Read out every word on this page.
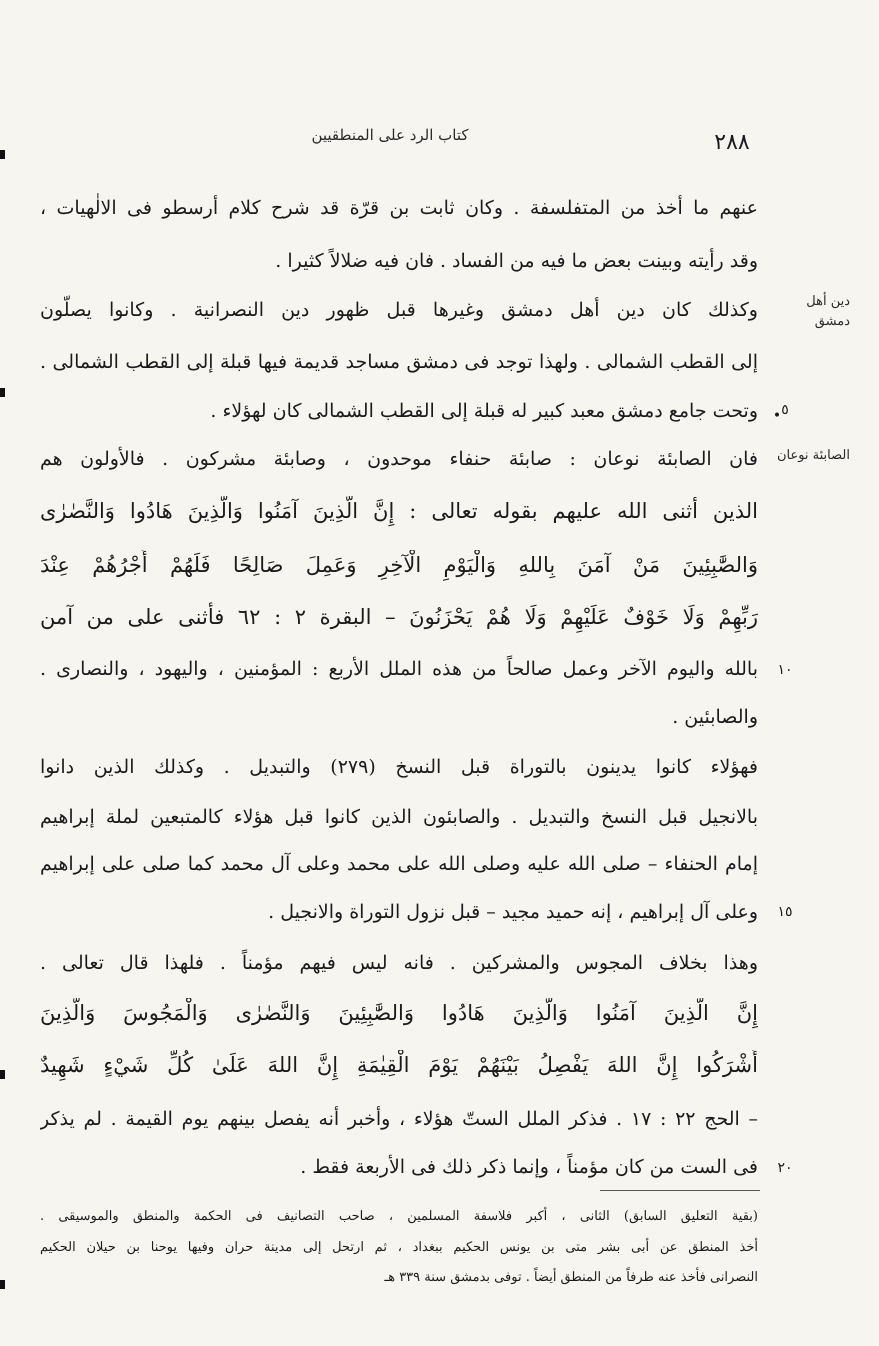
كتاب الرد على المنطقيين	٢٨٨
دين أهل دمشق
الصابئة نوعان
٥
١٠
١٥
٢٠
عنهم ما أخذ من المتفلسفة . وكان ثابت بن قرّة قد شرح كلام أرسطو فى الالٰهيات ،
وقد رأيته وبينت بعض ما فيه من الفساد . فان فيه ضلالاً كثيرا .
وكذلك كان دين أهل دمشق وغيرها قبل ظهور دين النصرانية . وكانوا يصلّون
إلى القطب الشمالى . ولهذا توجد فى دمشق مساجد قديمة فيها قبلة إلى القطب الشمالى .
وتحت جامع دمشق معبد كبير له قبلة إلى القطب الشمالى كان لهؤلاء .
فان الصابئة نوعان : صابئة حنفاء موحدون ، وصابئة مشركون . فالأولون هم
الذين أثنى الله عليهم بقوله تعالى : إِنَّ الَّذِينَ آمَنُوا وَالَّذِينَ هَادُوا وَالنَّصٰرٰى
وَالصَّٰبِئِينَ مَنْ آمَنَ بِاللهِ وَالْيَوْمِ الْآخِرِ وَعَمِلَ صَالِحًا فَلَهُمْ أَجْرُهُمْ عِنْدَ
رَبِّهِمْ وَلَا خَوْفٌ عَلَيْهِمْ وَلَا هُمْ يَحْزَنُونَ – البقرة ٢ : ٦٢ فأثنى على من آمن
بالله واليوم الآخر وعمل صالحاً من هذه الملل الأربع : المؤمنين ، واليهود ، والنصارى .
والصابئين .
فهؤلاء كانوا يدينون بالتوراة قبل النسخ (٢٧٩) والتبديل . وكذلك الذين دانوا
بالانجيل قبل النسخ والتبديل . والصابئون الذين كانوا قبل هؤلاء كالمتبعين لملة إبراهيم
إمام الحنفاء – صلى الله عليه وصلى الله على محمد وعلى آل محمد كما صلى على إبراهيم
وعلى آل إبراهيم ، إنه حميد مجيد – قبل نزول التوراة والانجيل .
وهذا بخلاف المجوس والمشركين . فانه ليس فيهم مؤمناً . فلهذا قال تعالى .
إِنَّ الَّذِينَ آمَنُوا وَالَّذِينَ هَادُوا وَالصَّٰبِئِينَ وَالنَّصٰرٰى وَالْمَجُوسَ وَالَّذِينَ
أَشْرَكُوا إِنَّ اللهَ يَفْصِلُ بَيْنَهُمْ يَوْمَ الْقِيٰمَةِ إِنَّ اللهَ عَلَىٰ كُلِّ شَيْءٍ شَهِيدٌ
– الحج ٢٢ : ١٧ . فذكر الملل الستّ هؤلاء ، وأخبر أنه يفصل بينهم يوم القيمة . لم يذكر
فى الست من كان مؤمناً ، وإنما ذكر ذلك فى الأربعة فقط .
•
(بقية التعليق السابق) الثانى ، أكبر فلاسفة المسلمين ، صاحب التصانيف فى الحكمة والمنطق والموسيقى .
أخذ المنطق عن أبى بشر متى بن يونس الحكيم ببغداد ، ثم ارتحل إلى مدينة حران وفيها يوحنا بن حيلان الحكيم
النصرانى فأخذ عنه طرفاً من المنطق أيضاً . توفى بدمشق سنة ٣٣٩ هـ
